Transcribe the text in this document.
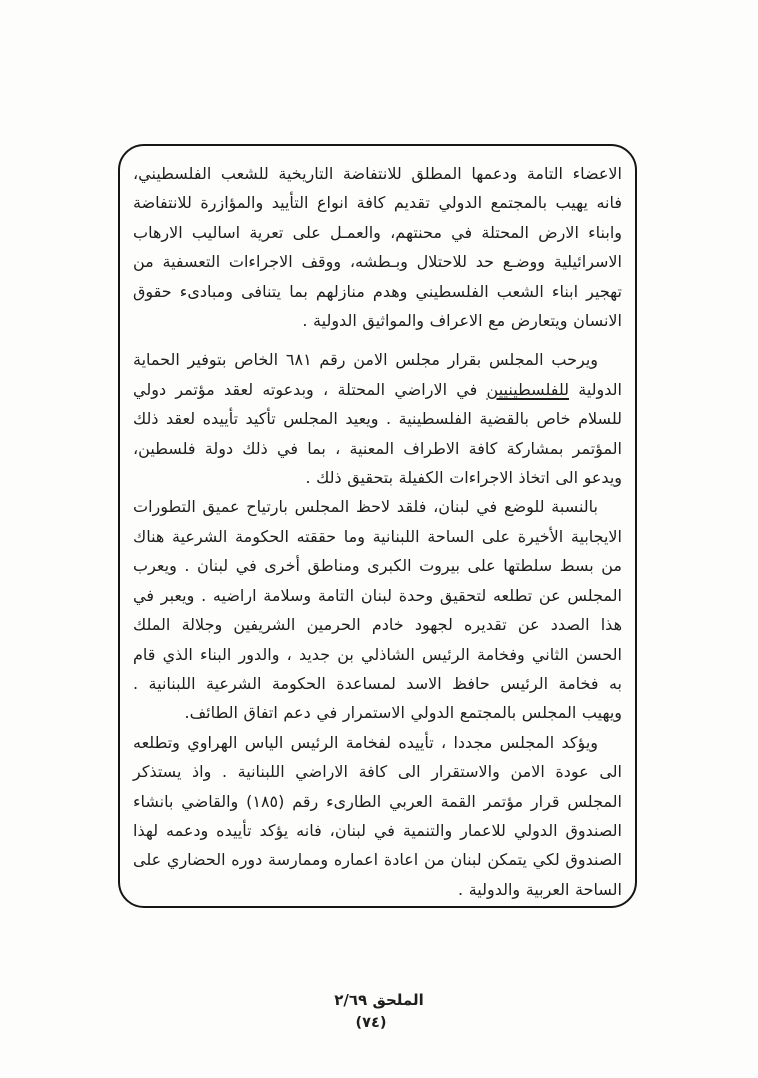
الاعضاء التامة ودعمها المطلق للانتفاضة التاريخية للشعب الفلسطيني، فانه يهيب بالمجتمع الدولي تقديم كافة انواع التأييد والمؤازرة للانتفاضة وابناء الارض المحتلة في محنتهم، والعمـل على تعرية اساليب الارهاب الاسرائيلية ووضـع حد للاحتلال وبـطشه، ووقف الاجراءات التعسفية من تهجير ابناء الشعب الفلسطيني وهدم منازلهم بما يتنافى ومبادىء حقوق الانسان ويتعارض مع الاعراف والمواثيق الدولية .

ويرحب المجلس بقرار مجلس الامن رقم ٦٨١ الخاص بتوفير الحماية الدولية للفلسطينيين في الاراضي المحتلة ، وبدعوته لعقد مؤتمر دولي للسلام خاص بالقضية الفلسطينية . ويعيد المجلس تأكيد تأييده لعقد ذلك المؤتمر بمشاركة كافة الاطراف المعنية ، بما في ذلك دولة فلسطين، ويدعو الى اتخاذ الاجراءات الكفيلة بتحقيق ذلك .

بالنسبة للوضع في لبنان، فلقد لاحظ المجلس بارتياح عميق التطورات الايجابية الأخيرة على الساحة اللبنانية وما حققته الحكومة الشرعية هناك من بسط سلطتها على بيروت الكبرى ومناطق أخرى في لبنان . ويعرب المجلس عن تطلعه لتحقيق وحدة لبنان التامة وسلامة اراضيه . ويعبر في هذا الصدد عن تقديره لجهود خادم الحرمين الشريفين وجلالة الملك الحسن الثاني وفخامة الرئيس الشاذلي بن جديد ، والدور البناء الذي قام به فخامة الرئيس حافظ الاسد لمساعدة الحكومة الشرعية اللبنانية . ويهيب المجلس بالمجتمع الدولي الاستمرار في دعم اتفاق الطائف.

ويؤكد المجلس مجددا ، تأييده لفخامة الرئيس الياس الهراوي وتطلعه الى عودة الامن والاستقرار الى كافة الاراضي اللبنانية . واذ يستذكر المجلس قرار مؤتمر القمة العربي الطارىء رقم (١٨٥) والقاضي بانشاء الصندوق الدولي للاعمار والتنمية في لبنان، فانه يؤكد تأييده ودعمه لهذا الصندوق لكي يتمكن لبنان من اعادة اعماره وممارسة دوره الحضاري على الساحة العربية والدولية .

الملحق ٢/٦٩
(٧٤)
